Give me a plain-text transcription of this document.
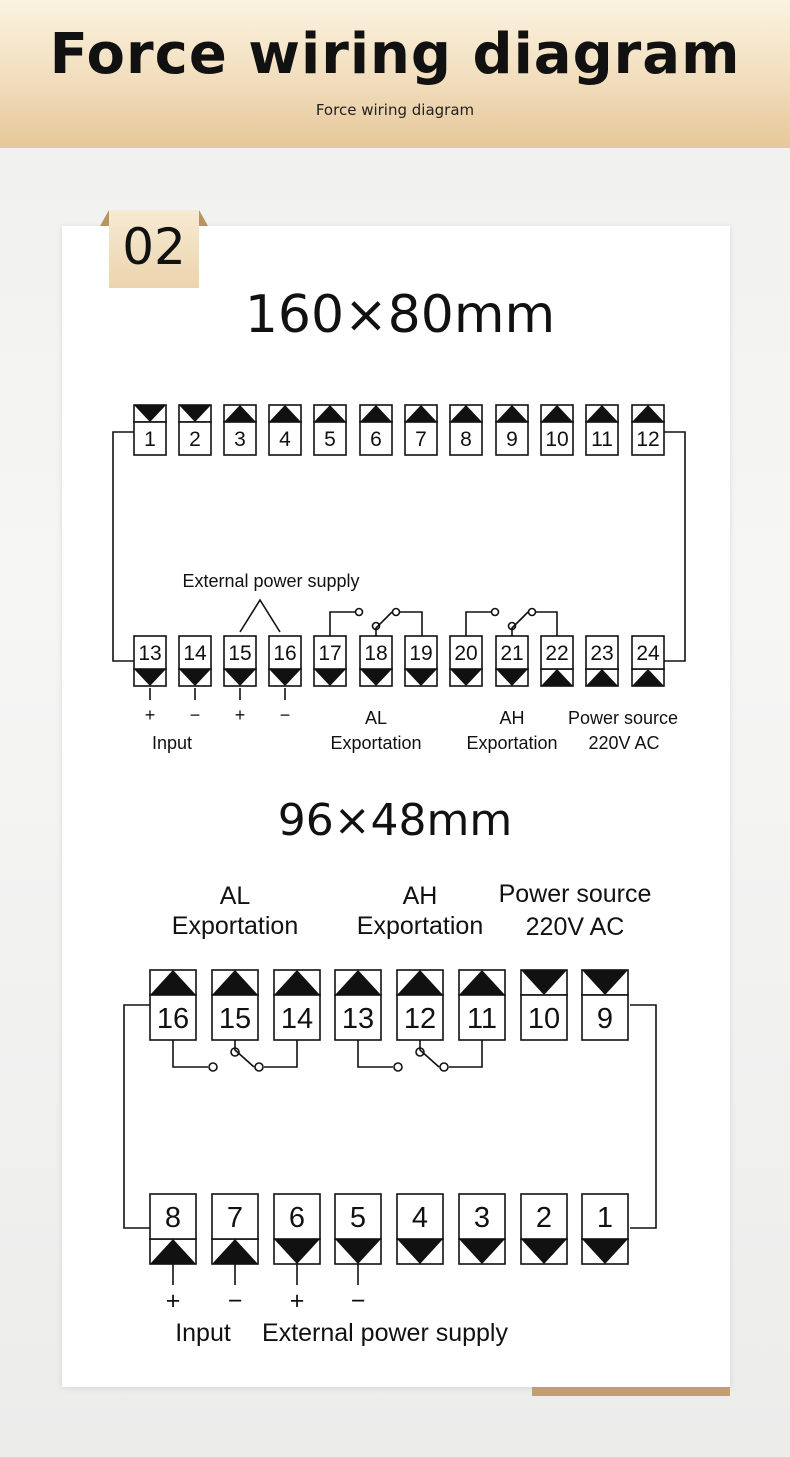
Force wiring diagram
Force wiring diagram
02
1 2 3 4 5 6 7 8 9 10 11 12
13 14 15 16 17 18 19 20 21 22 23 24
16 15 14 13 12 11 10 9
8 7 6 5 4 3 2 1
160×80mm
96×48mm
External power supply
+ − + −
Input
AL
Exportation
AH
Exportation
Power source
220V AC
AL
Exportation
AH
Exportation
Power source
220V AC
+ − + −
Input External power supply
